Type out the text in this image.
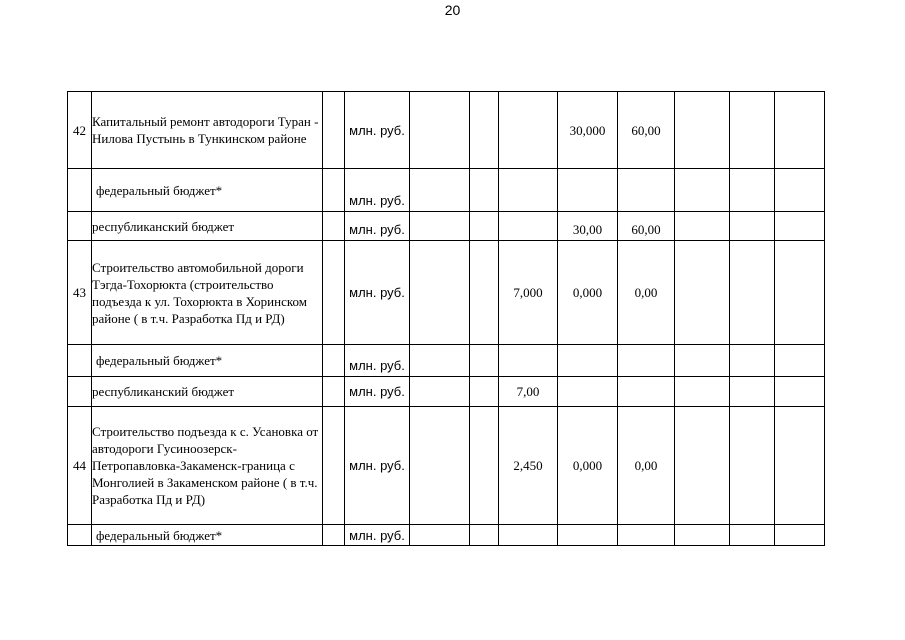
20
42	Капитальный ремонт автодороги Туран - Нилова Пустынь в Тункинском районе		млн. руб.				30,000	60,00			
	федеральный бюджет*		млн. руб.								
	республиканский бюджет		млн. руб.				30,00	60,00			
43	Строительство автомобильной дороги Тэгда-Тохорюкта (строительство подъезда к ул. Тохорюкта в Хоринском районе ( в т.ч. Разработка Пд и РД)		млн. руб.			7,000	0,000	0,00			
	федеральный бюджет*		млн. руб.								
	республиканский бюджет		млн. руб.			7,00					
44	Строительство подъезда к с. Усановка от автодороги Гусиноозерск-Петропавловка-Закаменск-граница с Монголией в Закаменском районе ( в т.ч. Разработка Пд и РД)		млн. руб.			2,450	0,000	0,00			
	федеральный бюджет*		млн. руб.								
